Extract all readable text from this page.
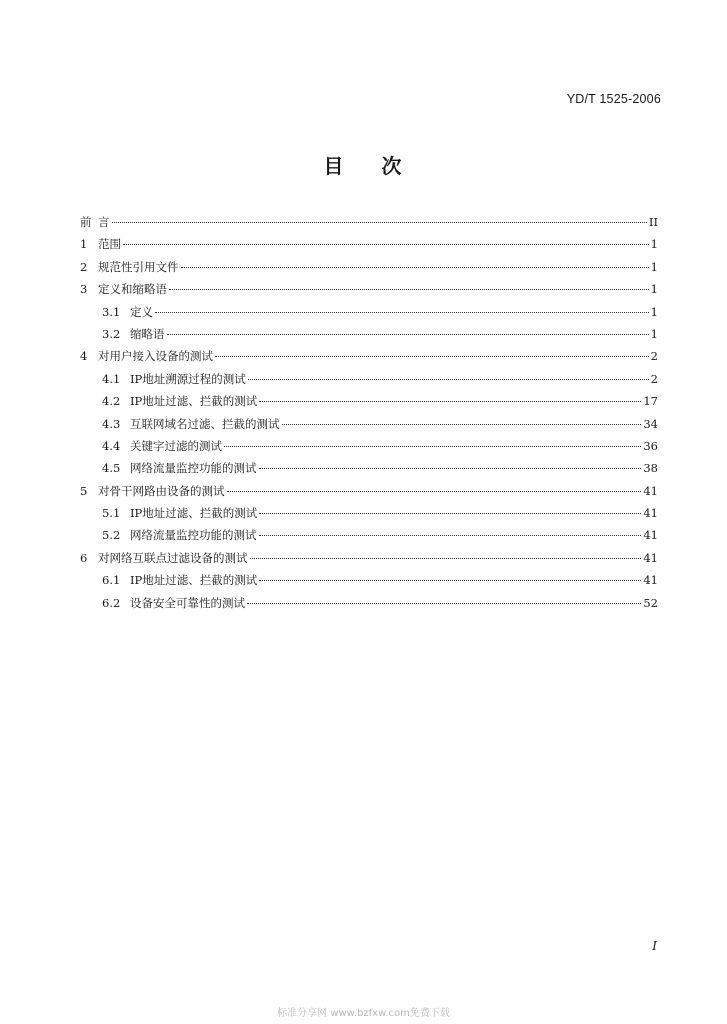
YD/T 1525-2006
目 次
前 言	II
1 范围	1
2 规范性引用文件	1
3 定义和缩略语	1
3.1 定义	1
3.2 缩略语	1
4 对用户接入设备的测试	2
4.1 IP地址溯源过程的测试	2
4.2 IP地址过滤、拦截的测试	17
4.3 互联网域名过滤、拦截的测试	34
4.4 关键字过滤的测试	36
4.5 网络流量监控功能的测试	38
5 对骨干网路由设备的测试	41
5.1 IP地址过滤、拦截的测试	41
5.2 网络流量监控功能的测试	41
6 对网络互联点过滤设备的测试	41
6.1 IP地址过滤、拦截的测试	41
6.2 设备安全可靠性的测试	52
I
标准分享网 www.bzfxw.com免费下载
